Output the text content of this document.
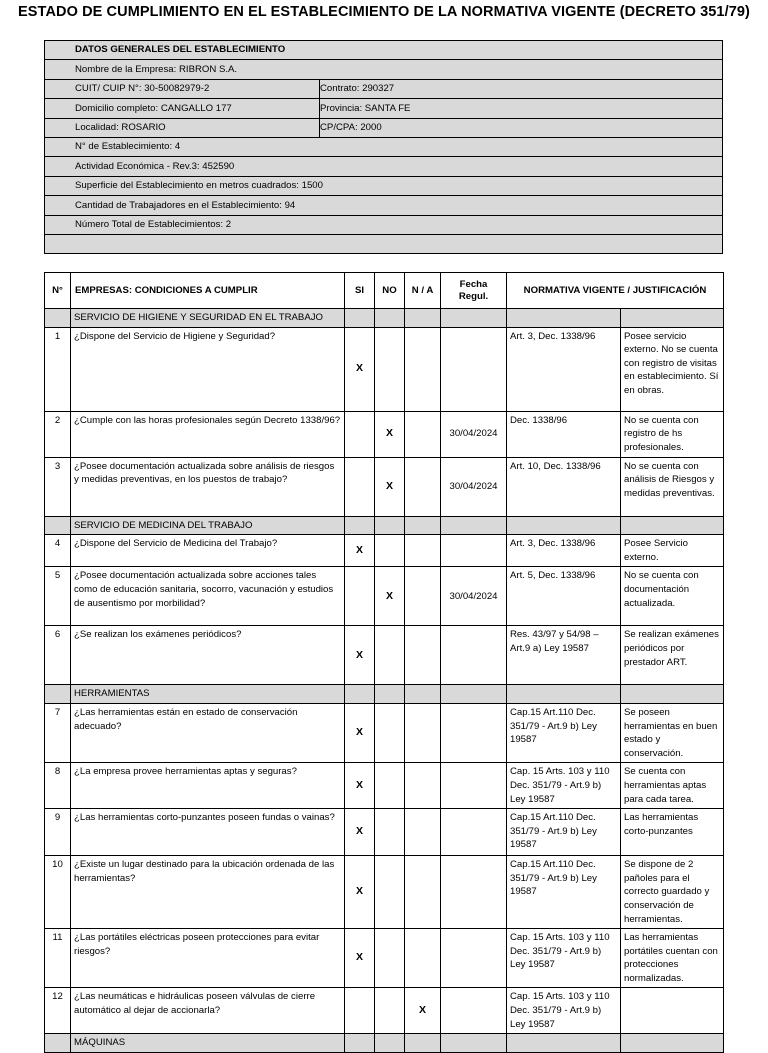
ESTADO DE CUMPLIMIENTO EN EL ESTABLECIMIENTO DE LA NORMATIVA VIGENTE (DECRETO 351/79)
DATOS GENERALES DEL ESTABLECIMIENTO	
Nombre de la Empresa: RIBRON S.A.	
CUIT/ CUIP N°: 30-50082979-2	Contrato: 290327
Domicilio completo: CANGALLO 177	Provincia: SANTA FE
Localidad: ROSARIO	CP/CPA: 2000
N° de Establecimiento: 4	
Actividad Económica - Rev.3: 452590	
Superficie del Establecimiento en metros cuadrados: 1500	
Cantidad de Trabajadores en el Establecimiento: 94	
Número Total de Establecimientos: 2	

N°	EMPRESAS: CONDICIONES A CUMPLIR	SI	NO	N / A	Fecha Regul.	NORMATIVA VIGENTE / JUSTIFICACIÓN	
	SERVICIO DE HIGIENE Y SEGURIDAD EN EL TRABAJO						
1	¿Dispone del Servicio de Higiene y Seguridad?	X				Art. 3, Dec. 1338/96	Posee servicio externo. No se cuenta con registro de visitas en establecimiento. Sí en obras.
2	¿Cumple con las horas profesionales según Decreto 1338/96?		X		30/04/2024	Dec. 1338/96	No se cuenta con registro de hs profesionales.
3	¿Posee documentación actualizada sobre análisis de riesgos y medidas preventivas, en los puestos de trabajo?		X		30/04/2024	Art. 10, Dec. 1338/96	No se cuenta con análisis de Riesgos y medidas preventivas.
	SERVICIO DE MEDICINA DEL TRABAJO						
4	¿Dispone del Servicio de Medicina del Trabajo?	X				Art. 3, Dec. 1338/96	Posee Servicio externo.
5	¿Posee documentación actualizada sobre acciones tales como de educación sanitaria, socorro, vacunación y estudios de ausentismo por morbilidad?		X		30/04/2024	Art. 5, Dec. 1338/96	No se cuenta con documentación actualizada.
6	¿Se realizan los exámenes periódicos?	X				Res. 43/97 y 54/98 – Art.9 a) Ley 19587	Se realizan exámenes periódicos por prestador ART.
	HERRAMIENTAS						
7	¿Las herramientas están en estado de conservación adecuado?	X				Cap.15 Art.110 Dec. 351/79 - Art.9 b) Ley 19587	Se poseen herramientas en buen estado y conservación.
8	¿La empresa provee herramientas aptas y seguras?	X				Cap. 15 Arts. 103 y 110 Dec. 351/79 - Art.9 b) Ley 19587	Se cuenta con herramientas aptas para cada tarea.
9	¿Las herramientas corto-punzantes poseen fundas o vainas?	X				Cap.15 Art.110 Dec. 351/79 - Art.9 b) Ley 19587	Las herramientas corto-punzantes
10	¿Existe un lugar destinado para la ubicación ordenada de las herramientas?	X				Cap.15 Art.110 Dec. 351/79 - Art.9 b) Ley 19587	Se dispone de 2 pañoles para el correcto guardado y conservación de herramientas.
11	¿Las portátiles eléctricas poseen protecciones para evitar riesgos?	X				Cap. 15 Arts. 103 y 110 Dec. 351/79 - Art.9 b) Ley 19587	Las herramientas portátiles cuentan con protecciones normalizadas.
12	¿Las neumáticas e hidráulicas poseen válvulas de cierre automático al dejar de accionarla?			X		Cap. 15 Arts. 103 y 110 Dec. 351/79 - Art.9 b) Ley 19587	
	MÁQUINAS						
